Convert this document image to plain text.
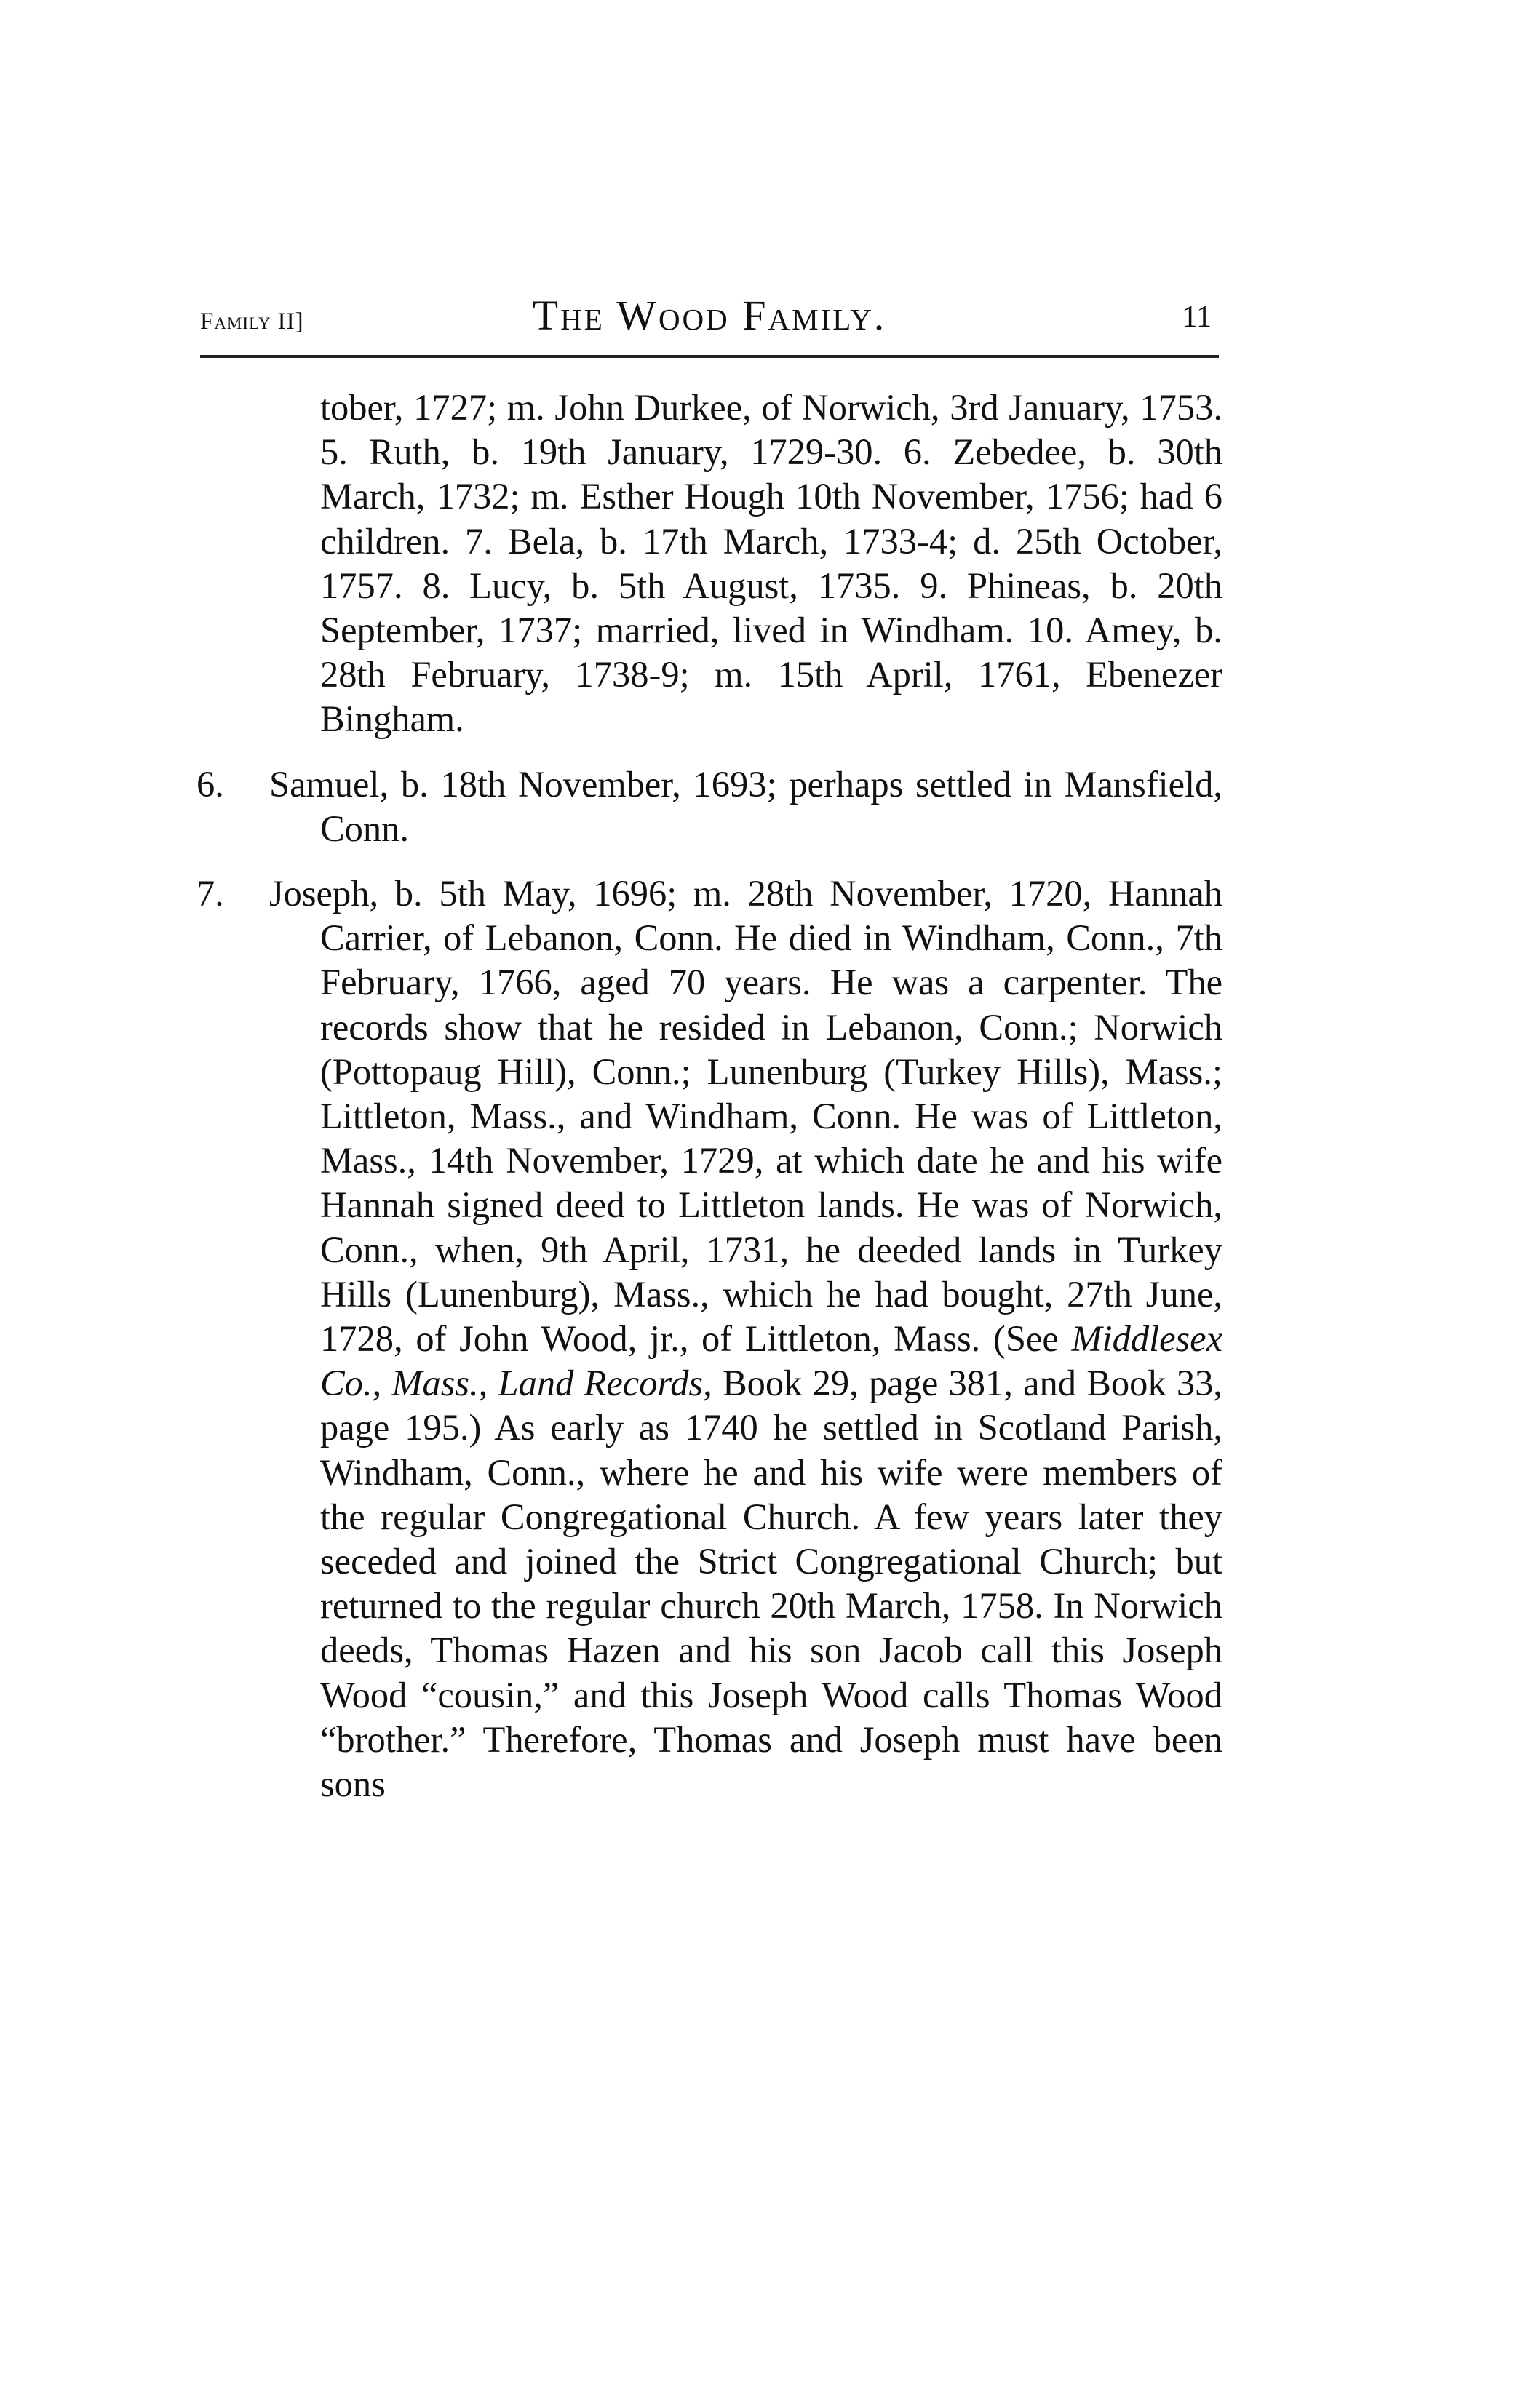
Family II]	The Wood Family.	11

tober, 1727; m. John Durkee, of Norwich, 3rd January, 1753. 5. Ruth, b. 19th January, 1729-30. 6. Zebedee, b. 30th March, 1732; m. Esther Hough 10th November, 1756; had 6 children. 7. Bela, b. 17th March, 1733-4; d. 25th October, 1757. 8. Lucy, b. 5th August, 1735. 9. Phineas, b. 20th September, 1737; married, lived in Windham. 10. Amey, b. 28th February, 1738-9; m. 15th April, 1761, Ebenezer Bingham.

6.	Samuel, b. 18th November, 1693; perhaps settled in Mansfield, Conn.
7.	Joseph, b. 5th May, 1696; m. 28th November, 1720, Hannah Carrier, of Lebanon, Conn. He died in Windham, Conn., 7th February, 1766, aged 70 years. He was a carpenter. The records show that he resided in Lebanon, Conn.; Norwich (Pottopaug Hill), Conn.; Lunenburg (Turkey Hills), Mass.; Littleton, Mass., and Windham, Conn. He was of Littleton, Mass., 14th November, 1729, at which date he and his wife Hannah signed deed to Littleton lands. He was of Norwich, Conn., when, 9th April, 1731, he deeded lands in Turkey Hills (Lunenburg), Mass., which he had bought, 27th June, 1728, of John Wood, jr., of Littleton, Mass. (See Middlesex Co., Mass., Land Records, Book 29, page 381, and Book 33, page 195.) As early as 1740 he settled in Scotland Parish, Windham, Conn., where he and his wife were members of the regular Congregational Church. A few years later they seceded and joined the Strict Congregational Church; but returned to the regular church 20th March, 1758. In Norwich deeds, Thomas Hazen and his son Jacob call this Joseph Wood “cousin,” and this Joseph Wood calls Thomas Wood “brother.” Therefore, Thomas and Joseph must have been sons
